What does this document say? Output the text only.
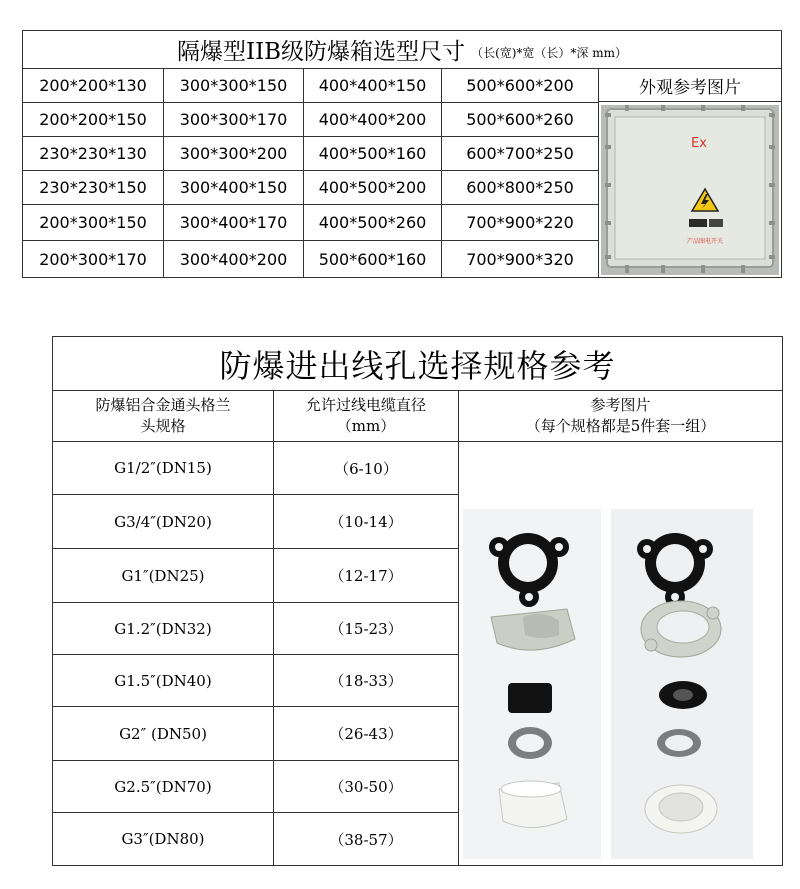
隔爆型IIB级防爆箱选型尺寸 （长(宽)*宽（长）*深 mm）
200*200*130	300*300*150	400*400*150	500*600*200
200*200*150	300*300*170	400*400*200	500*600*260
230*230*130	300*300*200	400*500*160	600*700*250
230*230*150	300*400*150	400*500*200	600*800*250
200*300*150	300*400*170	400*500*260	700*900*220
200*300*170	300*400*200	500*600*160	700*900*320
外观参考图片
Ex
产品图电开关
防爆进出线孔选择规格参考
防爆铝合金通头格兰
头规格
允许过线电缆直径
（mm）
参考图片
（每个规格都是5件套一组）
G1/2″(DN15)	（6-10）
G3/4″(DN20)	（10-14）
G1″(DN25)	（12-17）
G1.2″(DN32)	（15-23）
G1.5″(DN40)	（18-33）
G2″ (DN50)	（26-43）
G2.5″(DN70)	（30-50）
G3″(DN80)	（38-57）
